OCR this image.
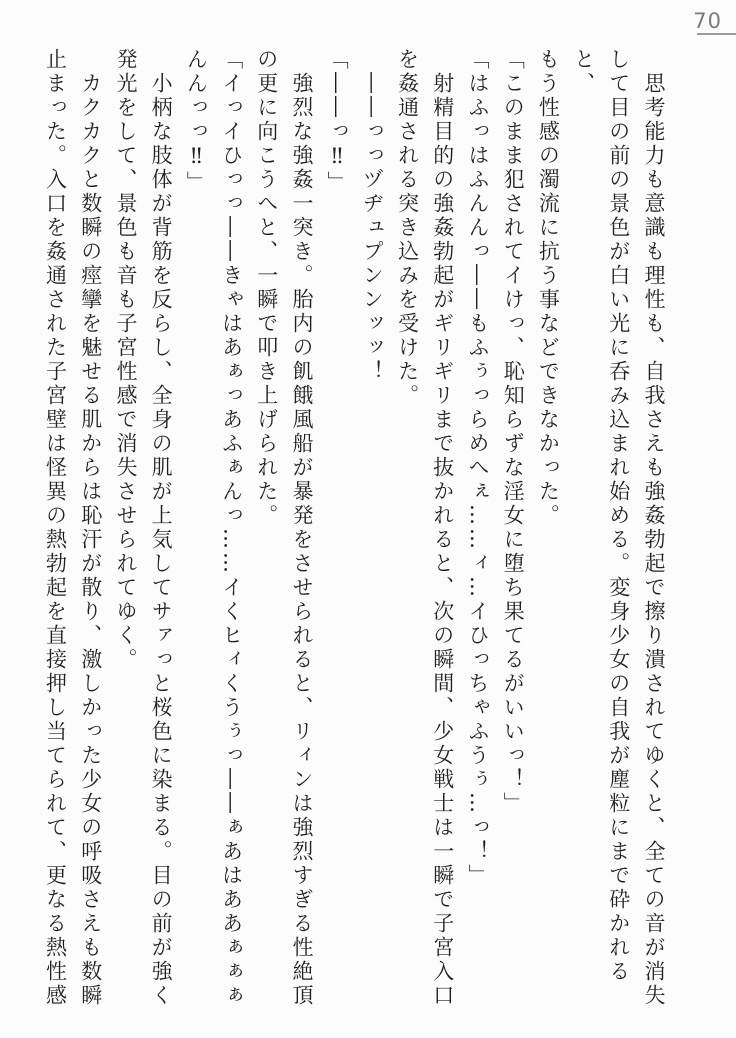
70

思考能力も意識も理性も、自我さえも強姦勃起で擦り潰されてゆくと、全ての音が消失

して目の前の景色が白い光に呑み込まれ始める。変身少女の自我が塵粒にまで砕かれると、

もう性感の濁流に抗う事などできなかった。

「このまま犯されてイけっ、恥知らずな淫女に堕ち果てるがいいっ！」

「はふっはふんんっ――もふぅっらめへぇ……ィ…イひっちゃふうぅ…っ！」

射精目的の強姦勃起がギリギリまで抜かれると、次の瞬間、少女戦士は一瞬で子宮入口

を姦通される突き込みを受けた。

――っっヅヂュプンンッッ！

「――っ‼」

強烈な強姦一突き。胎内の飢餓風船が暴発をさせられると、リィンは強烈すぎる性絶頂

の更に向こうへと、一瞬で叩き上げられた。

「イっイひっっ――きゃはあぁっあふぁんっ……イくヒィくうぅっ――ぁあはああぁぁぁ

んんっっ‼」

小柄な肢体が背筋を反らし、全身の肌が上気してサァっと桜色に染まる。目の前が強く

発光をして、景色も音も子宮性感で消失させられてゆく。

カクカクと数瞬の痙攣を魅せる肌からは恥汗が散り、激しかった少女の呼吸さえも数瞬

止まった。入口を姦通された子宮壁は怪異の熱勃起を直接押し当てられて、更なる熱性感
